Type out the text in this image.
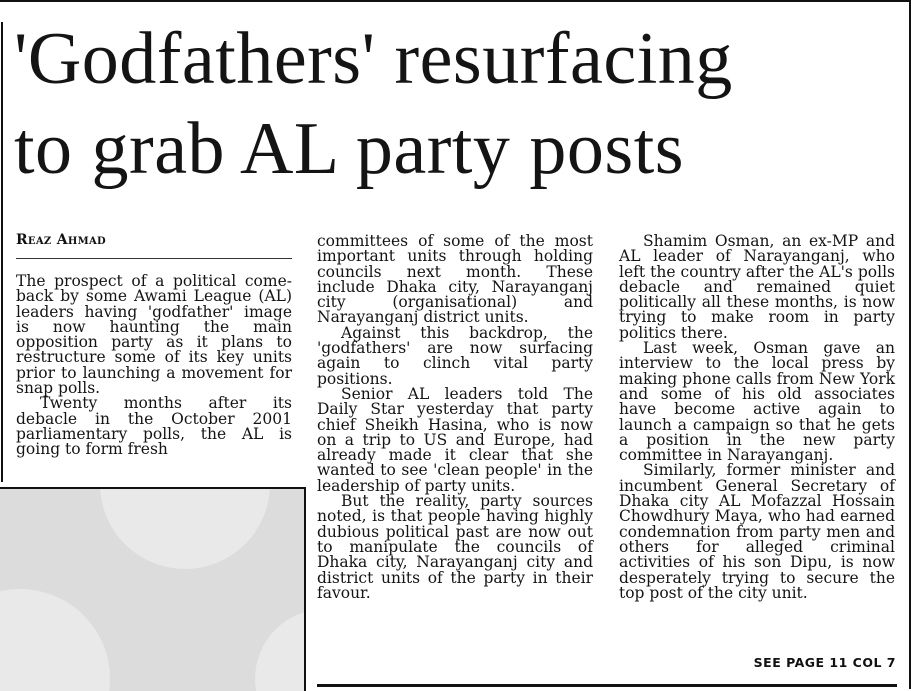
'Godfathers' resurfacing
to grab AL party posts
Reaz Ahmad

The prospect of a political come-back by some Awami League (AL) leaders having 'godfather' image is now haunting the main opposition party as it plans to restructure some of its key units prior to launching a movement for snap polls.

Twenty months after its debacle in the October 2001 parliamentary polls, the AL is going to form fresh

committees of some of the most important units through holding councils next month. These include Dhaka city, Narayanganj city (organisational) and Narayanganj district units.

Against this backdrop, the 'godfathers' are now surfacing again to clinch vital party positions.

Senior AL leaders told The Daily Star yesterday that party chief Sheikh Hasina, who is now on a trip to US and Europe, had already made it clear that she wanted to see 'clean people' in the leadership of party units.

But the reality, party sources noted, is that people having highly dubious political past are now out to manipulate the councils of Dhaka city, Narayanganj city and district units of the party in their favour.

Shamim Osman, an ex-MP and AL leader of Narayanganj, who left the country after the AL's polls debacle and remained quiet politically all these months, is now trying to make room in party politics there.

Last week, Osman gave an interview to the local press by making phone calls from New York and some of his old associates have become active again to launch a campaign so that he gets a position in the new party committee in Narayanganj.

Similarly, former minister and incumbent General Secretary of Dhaka city AL Mofazzal Hossain Chowdhury Maya, who had earned condemnation from party men and others for alleged criminal activities of his son Dipu, is now desperately trying to secure the top post of the city unit.

SEE PAGE 11 COL 7
